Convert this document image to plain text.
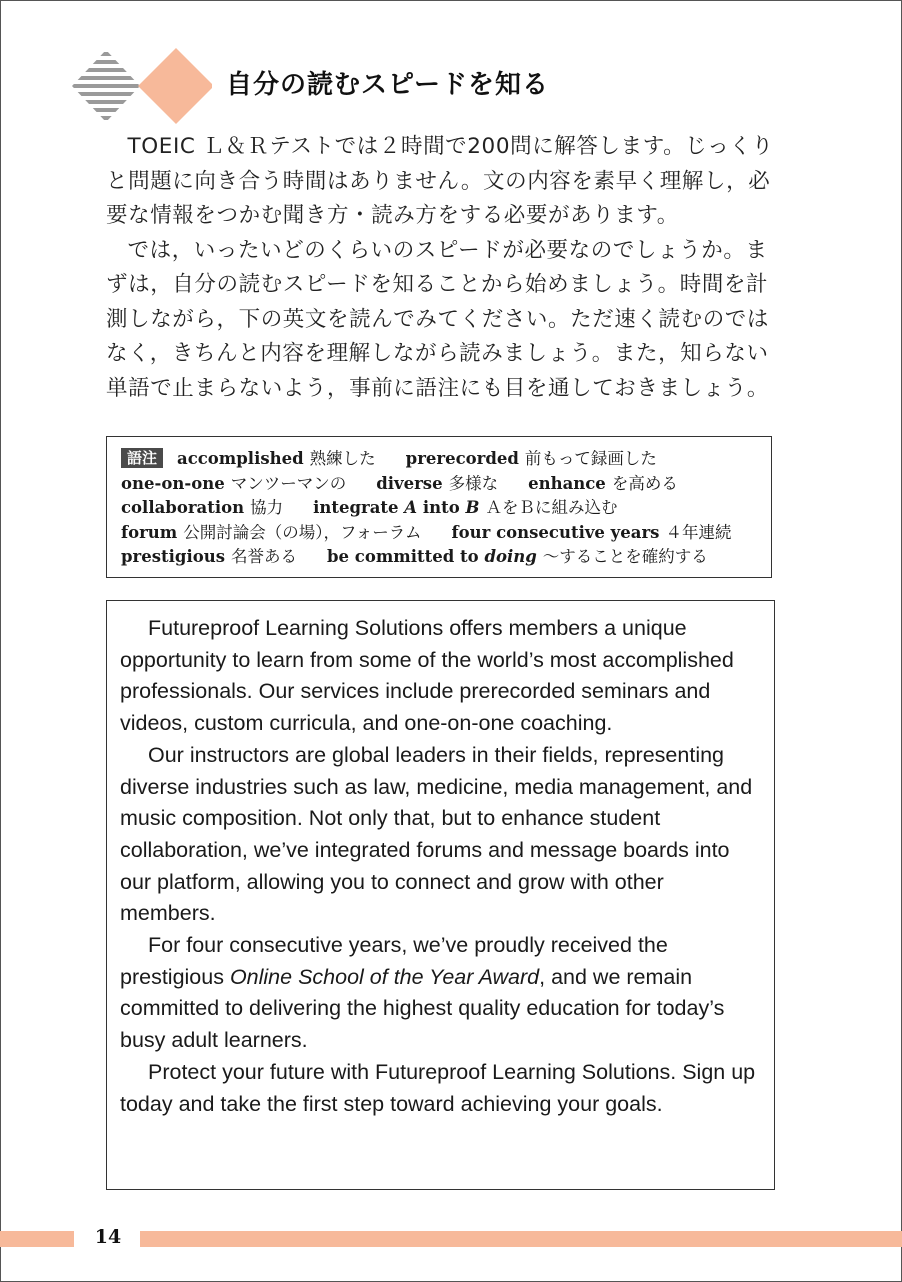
自分の読むスピードを知る

TOEIC Ｌ＆Ｒテストでは２時間で200問に解答します。じっくりと問題に向き合う時間はありません。文の内容を素早く理解し，必要な情報をつかむ聞き方・読み方をする必要があります。

では，いったいどのくらいのスピードが必要なのでしょうか。まずは，自分の読むスピードを知ることから始めましょう。時間を計測しながら，下の英文を読んでみてください。ただ速く読むのではなく，きちんと内容を理解しながら読みましょう。また，知らない単語で止まらないよう，事前に語注にも目を通しておきましょう。

語注 accomplished 熟練した prerecorded 前もって録画した
one-on-one マンツーマンの diverse 多様な enhance を高める
collaboration 協力 integrate A into B ＡをＢに組み込む
forum 公開討論会（の場），フォーラム four consecutive years ４年連続
prestigious 名誉ある be committed to doing ～することを確約する

Futureproof Learning Solutions offers members a unique opportunity to learn from some of the world’s most accomplished professionals. Our services include prerecorded seminars and videos, custom curricula, and one-on-one coaching.

Our instructors are global leaders in their fields, representing diverse industries such as law, medicine, media management, and music composition. Not only that, but to enhance student collaboration, we’ve integrated forums and message boards into our platform, allowing you to connect and grow with other members.

For four consecutive years, we’ve proudly received the prestigious Online School of the Year Award, and we remain committed to delivering the highest quality education for today’s busy adult learners.

Protect your future with Futureproof Learning Solutions. Sign up today and take the first step toward achieving your goals.

14
